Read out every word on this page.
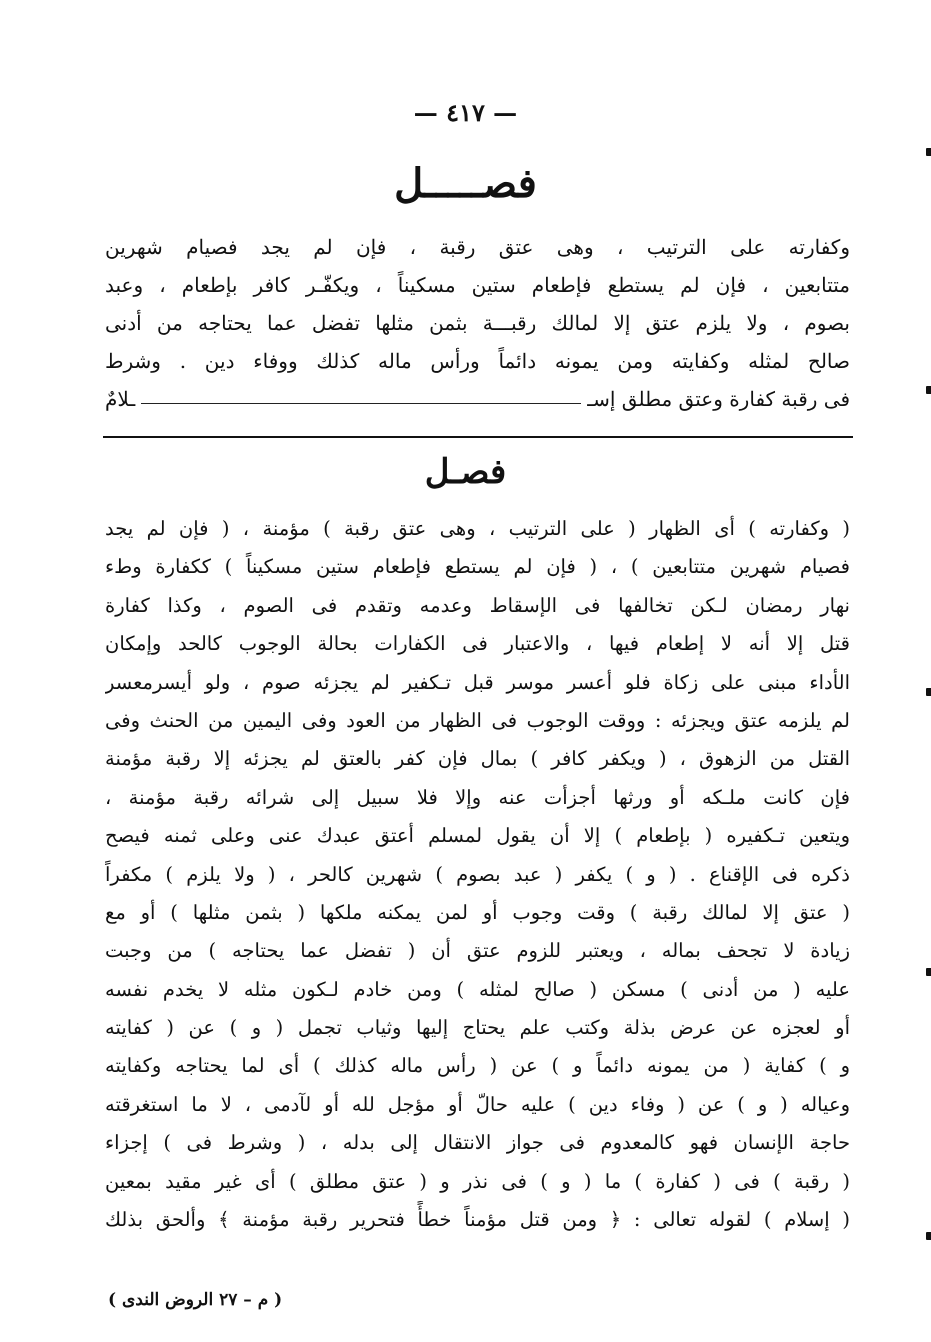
— ٤١٧ —
فصـــــل
وكفارته على الترتيب ، وهى عتق رقبة ، فإن لم يجد فصيام شهرين
متتابعين ، فإن لم يستطع فإطعام ستين مسكيناً ، ويكفّـر كافر بإطعام ، وعبد
بصوم ، ولا يلزم عتق إلا لمالك رقبـــة بثمن مثلها تفضل عما يحتاجه من أدنى
صالح لمثله وكفايته ومن يمونه دائماً ورأس ماله كذلك ووفاء دين . وشرط
فى رقبة كفارة وعتق مطلق إسـ
ـلامٌ
فصـل
( وكفارته ) أى الظهار ( على الترتيب ، وهى عتق رقبة ) مؤمنة ، ( فإن لم يجد
فصيام شهرين متتابعين ) ، ( فإن لم يستطع فإطعام ستين مسكيناً ) ككفارة وطء
نهار رمضان لـكن تخالفها فى الإسقاط وعدمه وتقدم فى الصوم ، وكذا كفارة
قتل إلا أنه لا إطعام فيها ، والاعتبار فى الكفارات بحالة الوجوب كالحد وإمكان
الأداء مبنى على زكاة فلو أعسر موسر قبل تـكفير لم يجزئه صوم ، ولو أيسرمعسر
لم يلزمه عتق ويجزئه : ووقت الوجوب فى الظهار من العود وفى اليمين من الحنث وفى
القتل من الزهوق ، ( ويكفر كافر ) بمال فإن كفر بالعتق لم يجزئه إلا رقبة مؤمنة
فإن كانت ملـكه أو ورثها أجزأت عنه وإلا فلا سبيل إلى شرائه رقبة مؤمنة ،
ويتعين تـكفيره ( بإطعام ) إلا أن يقول لمسلم أعتق عبدك عنى وعلى ثمنه فيصح
ذكره فى الإقناع . ( و ) يكفر ( عبد بصوم ) شهرين كالحر ، ( ولا يلزم ) مكفراً
( عتق إلا لمالك رقبة ) وقت وجوب أو لمن يمكنه ملكها ( بثمن مثلها ) أو مع
زيادة لا تجحف بماله ، ويعتبر للزوم عتق أن ( تفضل عما يحتاجه ) من وجبت
عليه ( من أدنى ) مسكن ( صالح لمثله ) ومن خادم لـكون مثله لا يخدم نفسه
أو لعجزه عن عرض بذلة وكتب علم يحتاج إليها وثياب تجمل ( و ) عن ( كفايته
و ) كفاية ( من يمونه دائماً و ) عن ( رأس ماله كذلك ) أى لما يحتاجه وكفايته
وعياله ( و ) عن ( وفاء دين ) عليه حالّ أو مؤجل لله أو لآدمى ، لا ما استغرقته
حاجة الإنسان فهو كالمعدوم فى جواز الانتقال إلى بدله ، ( وشرط فى ) إجزاء
( رقبة ) فى ( كفارة ) ما ( و ) فى نذر و ( عتق مطلق ) أى غير مقيد بمعين
( إسلام ) لقوله تعالى : ﴿ ومن قتل مؤمناً خطأً فتحرير رقبة مؤمنة ﴾ وألحق بذلك
( م – ٢٧ الروض الندى )
